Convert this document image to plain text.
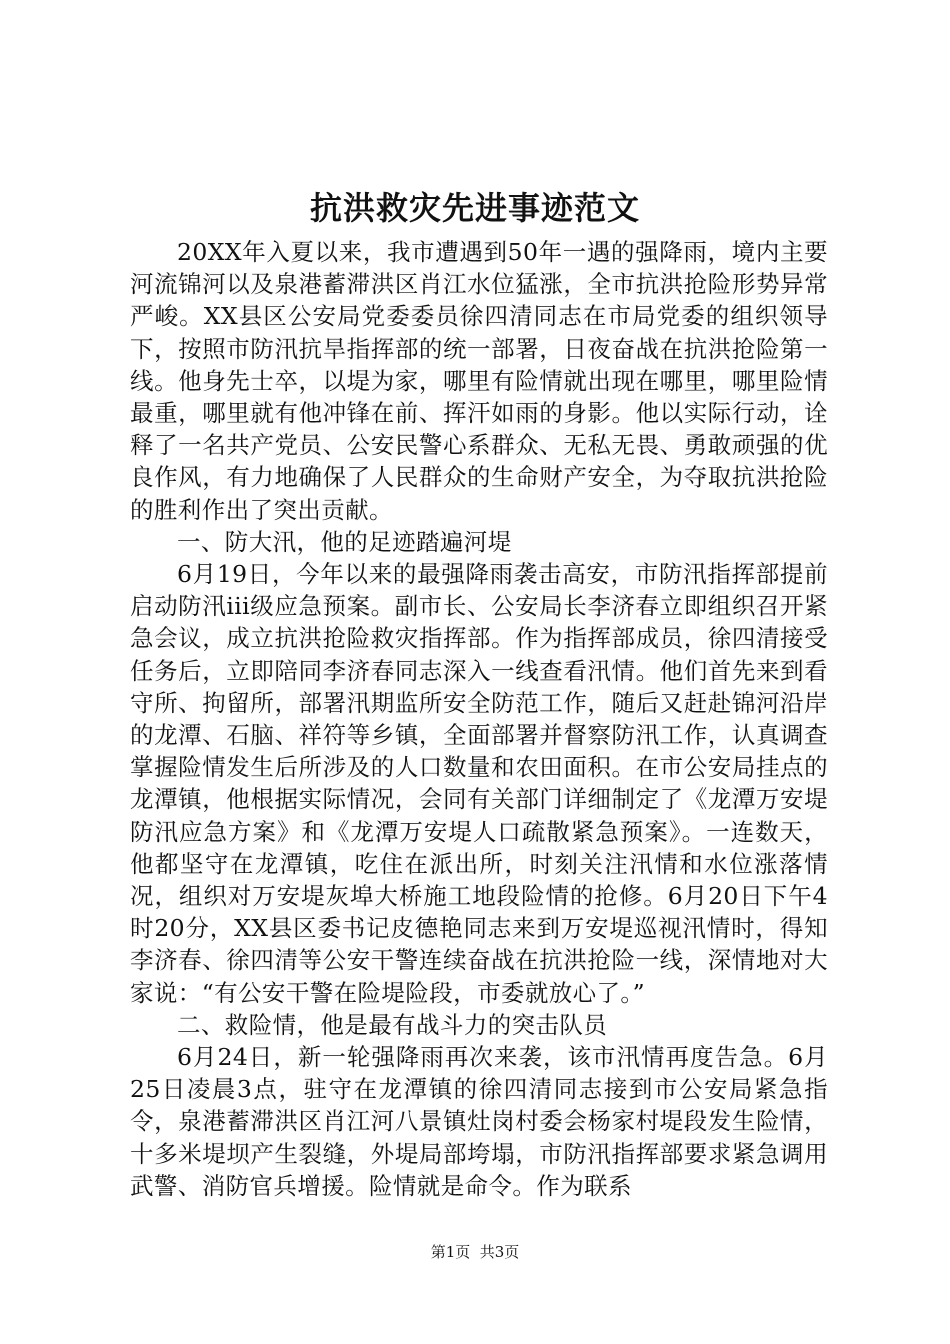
抗洪救灾先进事迹范文

20XX年入夏以来，我市遭遇到50年一遇的强降雨，境内主要河流锦河以及泉港蓄滞洪区肖江水位猛涨，全市抗洪抢险形势异常严峻。XX县区公安局党委委员徐四清同志在市局党委的组织领导下，按照市防汛抗旱指挥部的统一部署，日夜奋战在抗洪抢险第一线。他身先士卒，以堤为家，哪里有险情就出现在哪里，哪里险情最重，哪里就有他冲锋在前、挥汗如雨的身影。他以实际行动，诠释了一名共产党员、公安民警心系群众、无私无畏、勇敢顽强的优良作风，有力地确保了人民群众的生命财产安全，为夺取抗洪抢险的胜利作出了突出贡献。

一、防大汛，他的足迹踏遍河堤

6月19日，今年以来的最强降雨袭击高安，市防汛指挥部提前启动防汛iii级应急预案。副市长、公安局长李济春立即组织召开紧急会议，成立抗洪抢险救灾指挥部。作为指挥部成员，徐四清接受任务后，立即陪同李济春同志深入一线查看汛情。他们首先来到看守所、拘留所，部署汛期监所安全防范工作，随后又赶赴锦河沿岸的龙潭、石脑、祥符等乡镇，全面部署并督察防汛工作，认真调查掌握险情发生后所涉及的人口数量和农田面积。在市公安局挂点的龙潭镇，他根据实际情况，会同有关部门详细制定了《龙潭万安堤防汛应急方案》和《龙潭万安堤人口疏散紧急预案》。一连数天，他都坚守在龙潭镇，吃住在派出所，时刻关注汛情和水位涨落情况，组织对万安堤灰埠大桥施工地段险情的抢修。6月20日下午4时20分，XX县区委书记皮德艳同志来到万安堤巡视汛情时，得知李济春、徐四清等公安干警连续奋战在抗洪抢险一线，深情地对大家说：“有公安干警在险堤险段，市委就放心了。”

二、救险情，他是最有战斗力的突击队员

6月24日，新一轮强降雨再次来袭，该市汛情再度告急。6月25日凌晨3点，驻守在龙潭镇的徐四清同志接到市公安局紧急指令，泉港蓄滞洪区肖江河八景镇灶岗村委会杨家村堤段发生险情，十多米堤坝产生裂缝，外堤局部垮塌，市防汛指挥部要求紧急调用武警、消防官兵增援。险情就是命令。作为联系

第1页  共3页
